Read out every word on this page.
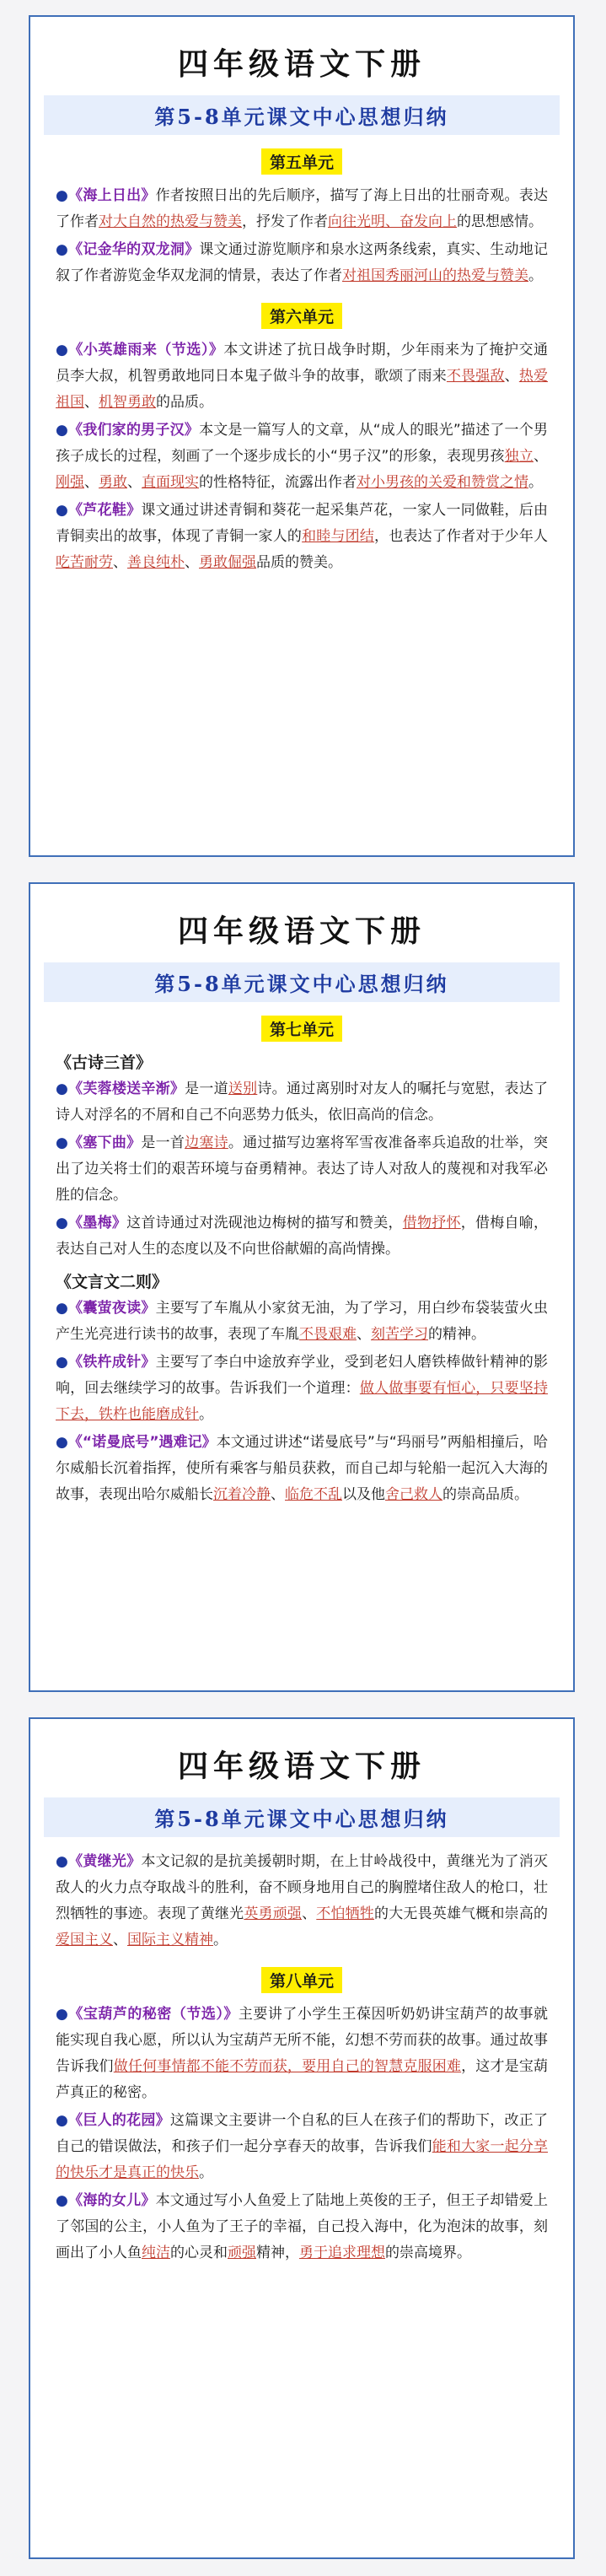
四年级语文下册
第5-8单元课文中心思想归纳
第五单元

●《海上日出》作者按照日出的先后顺序，描写了海上日出的壮丽奇观。表达了作者对大自然的热爱与赞美，抒发了作者向往光明、奋发向上的思想感情。

●《记金华的双龙洞》课文通过游览顺序和泉水这两条线索，真实、生动地记叙了作者游览金华双龙洞的情景，表达了作者对祖国秀丽河山的热爱与赞美。

第六单元

●《小英雄雨来（节选）》本文讲述了抗日战争时期，少年雨来为了掩护交通员李大叔，机智勇敢地同日本鬼子做斗争的故事，歌颂了雨来不畏强敌、热爱祖国、机智勇敢的品质。

●《我们家的男子汉》本文是一篇写人的文章，从“成人的眼光”描述了一个男孩子成长的过程，刻画了一个逐步成长的小“男子汉”的形象，表现男孩独立、刚强、勇敢、直面现实的性格特征，流露出作者对小男孩的关爱和赞赏之情。

●《芦花鞋》课文通过讲述青铜和葵花一起采集芦花，一家人一同做鞋，后由青铜卖出的故事，体现了青铜一家人的和睦与团结，也表达了作者对于少年人吃苦耐劳、善良纯朴、勇敢倔强品质的赞美。

四年级语文下册
第5-8单元课文中心思想归纳
第七单元
《古诗三首》

●《芙蓉楼送辛渐》是一道送别诗。通过离别时对友人的嘱托与宽慰，表达了诗人对浮名的不屑和自己不向恶势力低头，依旧高尚的信念。

●《塞下曲》是一首边塞诗。通过描写边塞将军雪夜准备率兵追敌的壮举，突出了边关将士们的艰苦环境与奋勇精神。表达了诗人对敌人的蔑视和对我军必胜的信念。

●《墨梅》这首诗通过对洗砚池边梅树的描写和赞美，借物抒怀，借梅自喻，表达自己对人生的态度以及不向世俗献媚的高尚情操。

《文言文二则》

●《囊萤夜读》主要写了车胤从小家贫无油，为了学习，用白纱布袋装萤火虫产生光亮进行读书的故事，表现了车胤不畏艰难、刻苦学习的精神。

●《铁杵成针》主要写了李白中途放弃学业，受到老妇人磨铁棒做针精神的影响，回去继续学习的故事。告诉我们一个道理：做人做事要有恒心，只要坚持下去，铁杵也能磨成针。

●《“诺曼底号”遇难记》本文通过讲述“诺曼底号”与“玛丽号”两船相撞后，哈尔威船长沉着指挥，使所有乘客与船员获救，而自己却与轮船一起沉入大海的故事，表现出哈尔威船长沉着冷静、临危不乱以及他舍己救人的崇高品质。

四年级语文下册
第5-8单元课文中心思想归纳

●《黄继光》本文记叙的是抗美援朝时期，在上甘岭战役中，黄继光为了消灭敌人的火力点夺取战斗的胜利，奋不顾身地用自己的胸膛堵住敌人的枪口，壮烈牺牲的事迹。表现了黄继光英勇顽强、不怕牺牲的大无畏英雄气概和崇高的爱国主义、国际主义精神。

第八单元

●《宝葫芦的秘密（节选）》主要讲了小学生王葆因听奶奶讲宝葫芦的故事就能实现自我心愿，所以认为宝葫芦无所不能，幻想不劳而获的故事。通过故事告诉我们做任何事情都不能不劳而获，要用自己的智慧克服困难，这才是宝葫芦真正的秘密。

●《巨人的花园》这篇课文主要讲一个自私的巨人在孩子们的帮助下，改正了自己的错误做法，和孩子们一起分享春天的故事，告诉我们能和大家一起分享的快乐才是真正的快乐。

●《海的女儿》本文通过写小人鱼爱上了陆地上英俊的王子，但王子却错爱上了邻国的公主，小人鱼为了王子的幸福，自己投入海中，化为泡沫的故事，刻画出了小人鱼纯洁的心灵和顽强精神，勇于追求理想的崇高境界。
